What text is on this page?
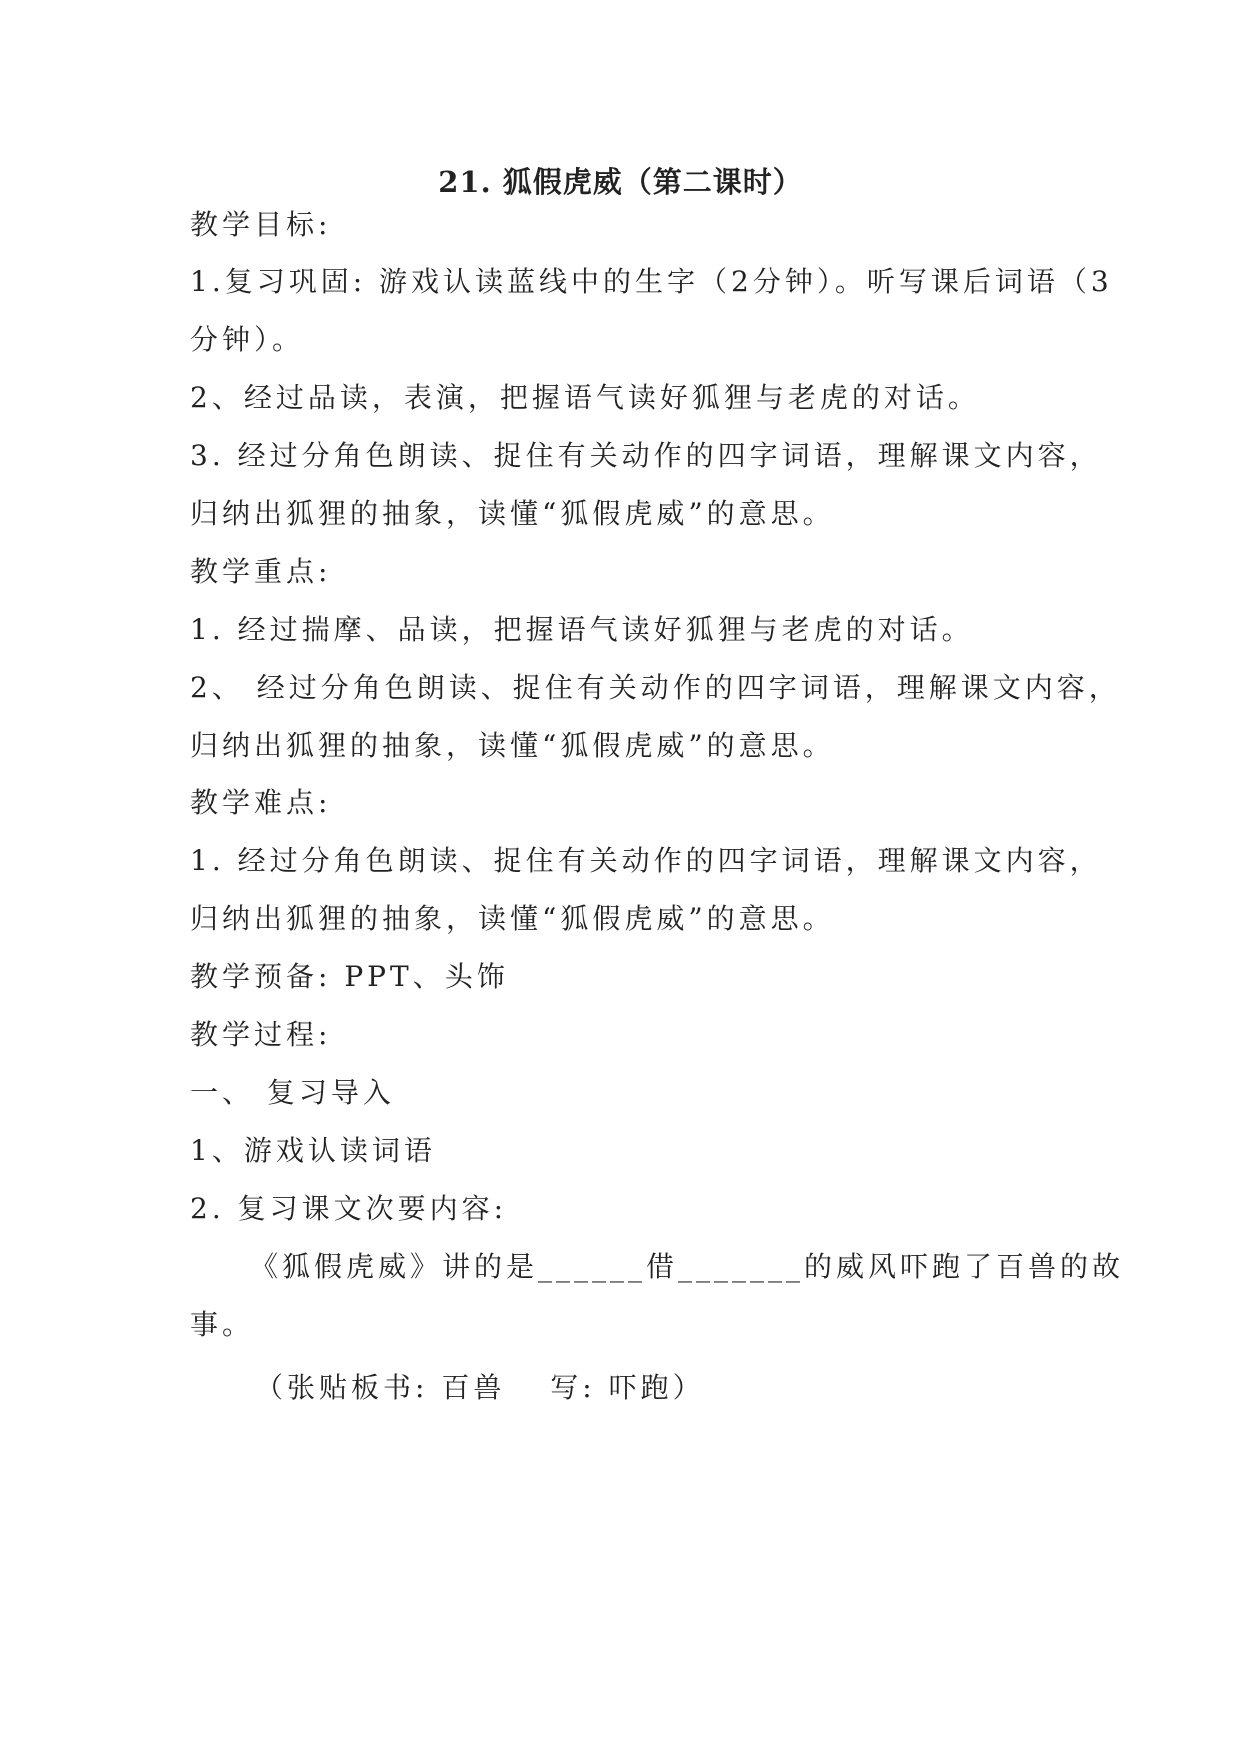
21. 狐假虎威（第二课时）
教学目标:
1.复习巩固: 游戏认读蓝线中的生字（2分钟）。听写课后词语（3
分钟）。
2、经过品读，表演，把握语气读好狐狸与老虎的对话。
3. 经过分角色朗读、捉住有关动作的四字词语，理解课文内容，
归纳出狐狸的抽象，读懂“狐假虎威”的意思。
教学重点:
1. 经过揣摩、品读，把握语气读好狐狸与老虎的对话。
2、 经过分角色朗读、捉住有关动作的四字词语，理解课文内容，
归纳出狐狸的抽象，读懂“狐假虎威”的意思。
教学难点:
1. 经过分角色朗读、捉住有关动作的四字词语，理解课文内容，
归纳出狐狸的抽象，读懂“狐假虎威”的意思。
教学预备: PPT、头饰
教学过程:
一、 复习导入
1、游戏认读词语
2. 复习课文次要内容:
《狐假虎威》讲的是______借_______的威风吓跑了百兽的故
事。
（张贴板书: 百兽　 写: 吓跑）
